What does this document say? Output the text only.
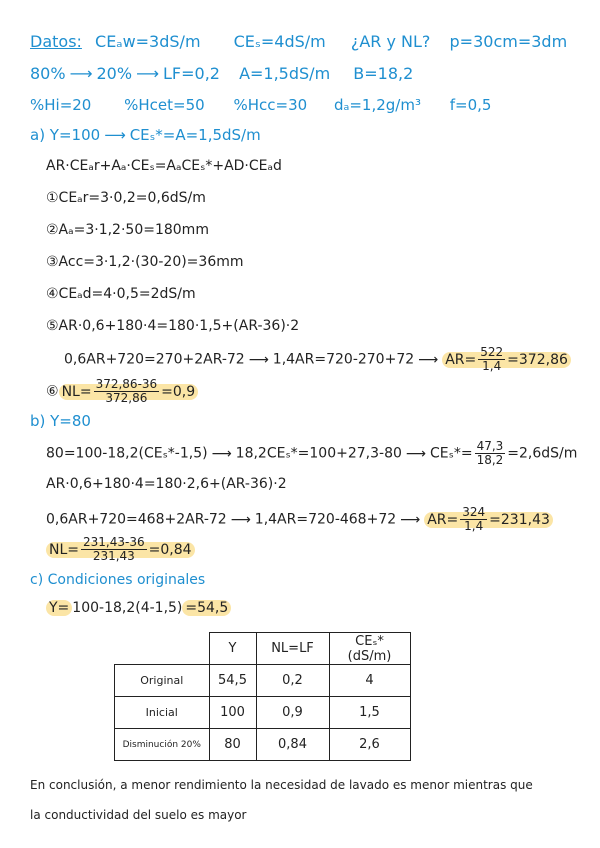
Datos: CEₐw=3dS/m CEₛ=4dS/m ¿AR y NL? p=30cm=3dm
80% ⟶ 20% ⟶ LF=0,2 A=1,5dS/m B=18,2
%Hi=20 %Hcet=50 %Hcc=30 dₐ=1,2g/m³ f=0,5
a) Y=100 ⟶ CEₛ*=A=1,5dS/m
AR·CEₐr+Aₐ·CEₛ=AₐCEₛ*+AD·CEₐd
①CEₐr=3·0,2=0,6dS/m
②Aₐ=3·1,2·50=180mm
③Acc=3·1,2·(30-20)=36mm
④CEₐd=4·0,5=2dS/m
⑤AR·0,6+180·4=180·1,5+(AR-36)·2
0,6AR+720=270+2AR-72 ⟶ 1,4AR=720-270+72 ⟶ $AR= \frac{522}{1,4} =372,86$
⑥ $NL= \frac{372,86-36}{372,86} =0,9$
b) Y=80
80=100-18,2(CEₛ*-1,5) ⟶ 18,2CEₛ*=100+27,3-80 ⟶ $CE_s*= \frac{47,3}{18,2} =2,6dS/m$
AR·0,6+180·4=180·2,6+(AR-36)·2
0,6AR+720=468+2AR-72 ⟶ 1,4AR=720-468+72 ⟶ $AR= \frac{324}{1,4} =231,43$
$NL= \frac{231,43-36}{231,43} =0,84$
c) Condiciones originales
Y= 100-18,2(4-1,5) =54,5
	Y	NL=LF	CEₛ*(dS/m)
Original	54,5	0,2	4
Inicial	100	0,9	1,5
Disminución 20%	80	0,84	2,6
En conclusión, a menor rendimiento la necesidad de lavado es menor mientras que
la conductividad del suelo es mayor
